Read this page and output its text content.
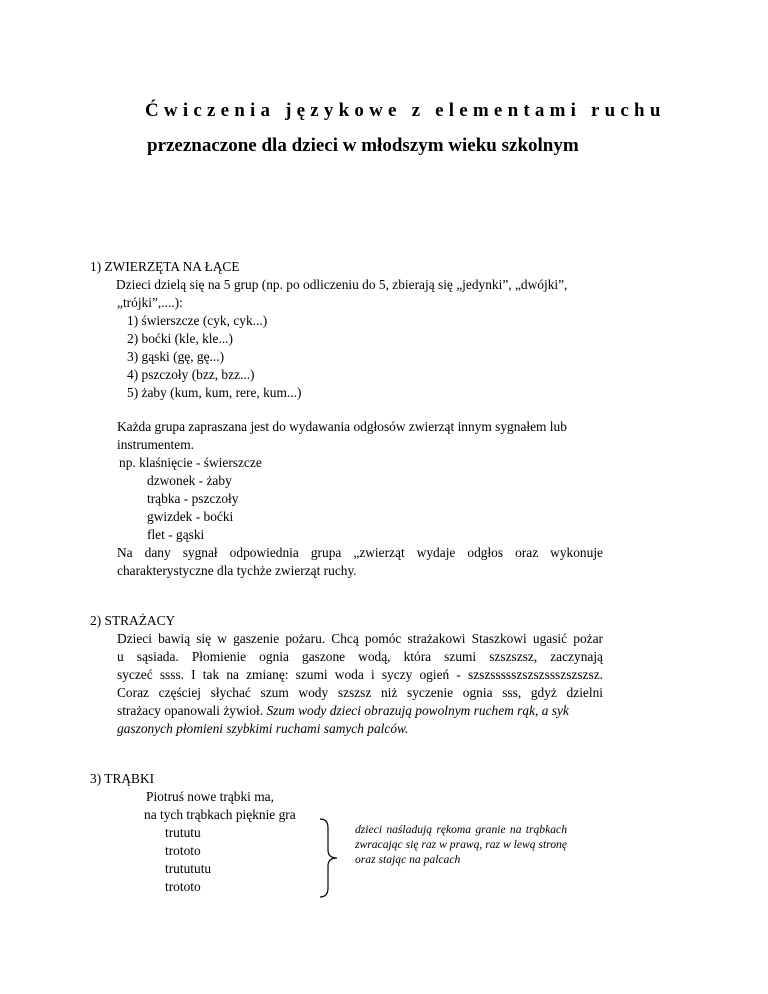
Ćwiczenia językowe z elementami ruchu
przeznaczone dla dzieci w młodszym wieku szkolnym
1) ZWIERZĘTA NA ŁĄCE
Dzieci dzielą się na 5 grup (np. po odliczeniu do 5, zbierają się „jedynki”, „dwójki”,
„trójki”,....):
1) świerszcze (cyk, cyk...)
2) boćki (kle, kle...)
3) gąski (gę, gę...)
4) pszczoły (bzz, bzz...)
5) żaby (kum, kum, rere, kum...)
Każda grupa zapraszana jest do wydawania odgłosów zwierząt innym sygnałem lub
instrumentem.
np. klaśnięcie - świerszcze
dzwonek - żaby
trąbka - pszczoły
gwizdek - boćki
flet - gąski
Na dany sygnał odpowiednia grupa „zwierząt wydaje odgłos oraz wykonuje
charakterystyczne dla tychże zwierząt ruchy.
2) STRAŻACY
Dzieci bawią się w gaszenie pożaru. Chcą pomóc strażakowi Staszkowi ugasić pożar
u sąsiada. Płomienie ognia gaszone wodą, która szumi szszszsz, zaczynają
syczeć ssss. I tak na zmianę: szumi woda i syczy ogień - szszssssszszszssszszszsz.
Coraz częściej słychać szum wody szszsz niż syczenie ognia sss, gdyż dzielni
strażacy opanowali żywioł. Szum wody dzieci obrazują powolnym ruchem rąk, a syk
gaszonych płomieni szybkimi ruchami samych palców.
3) TRĄBKI
Piotruś nowe trąbki ma,
na tych trąbkach pięknie gra
trututu
trototo
trutututu
trototo
dzieci naśladują rękoma granie na trąbkach zwracając się raz w prawą, raz w lewą stronę oraz stając na palcach
